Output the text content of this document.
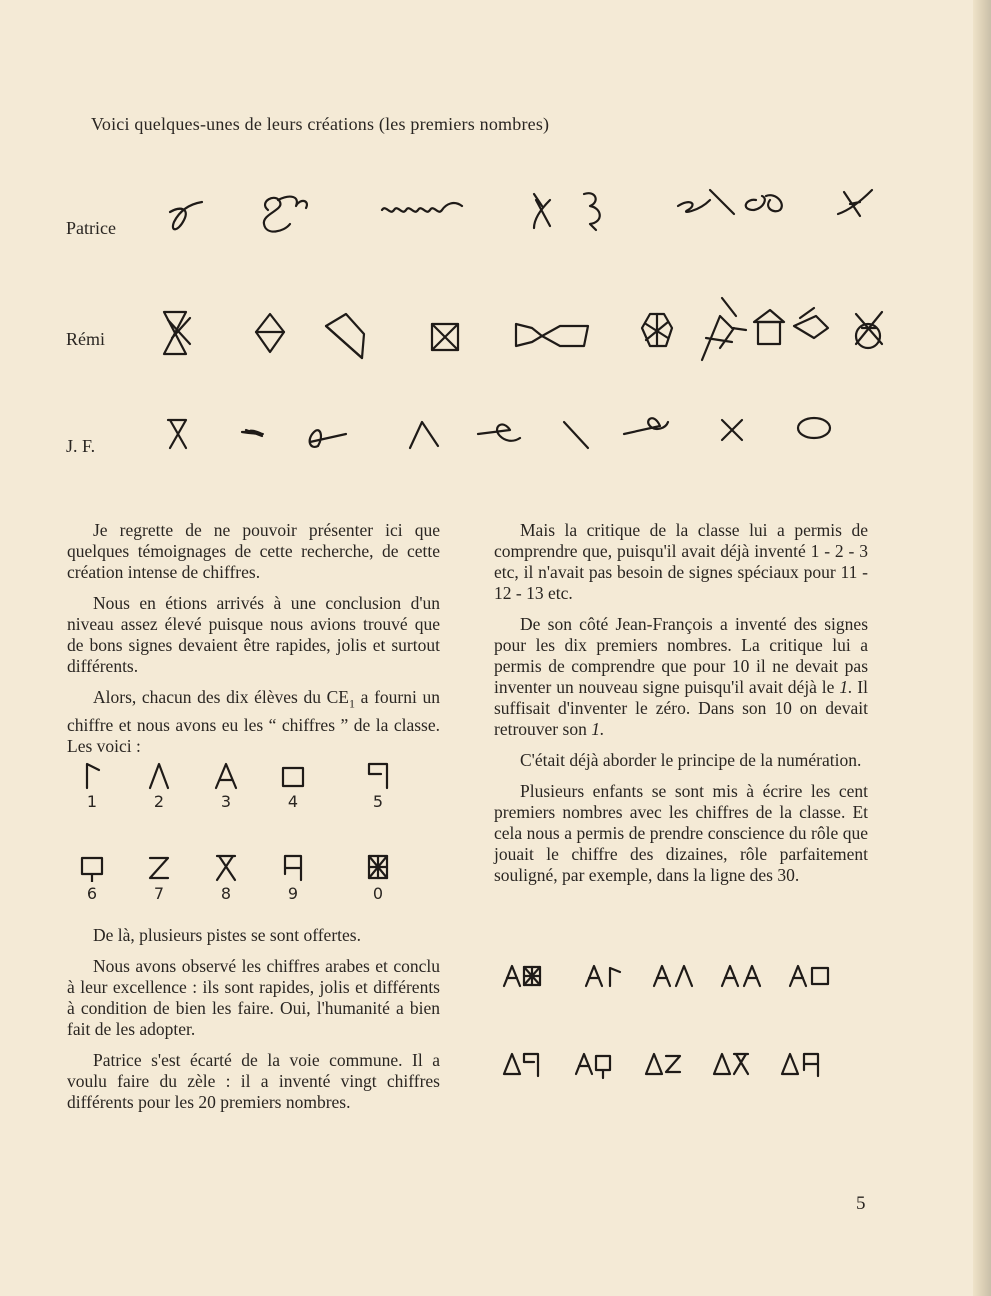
Voici quelques-unes de leurs créations (les premiers nombres)
Patrice
Rémi
J. F.

Je regrette de ne pouvoir présenter ici que quelques témoignages de cette recherche, de cette création intense de chiffres.

Nous en étions arrivés à une conclusion d'un niveau assez élevé puisque nous avions trouvé que de bons signes devaient être rapides, jolis et surtout différents.

Alors, chacun des dix élèves du $CE_1$ a fourni un chiffre et nous avons eu les “ chiffres ” de la classe. Les voici :

1	2	3	4	5
6	7	8	9	0

De là, plusieurs pistes se sont offertes.

Nous avons observé les chiffres arabes et conclu à leur excellence : ils sont rapides, jolis et différents à condition de bien les faire. Oui, l'humanité a bien fait de les adopter.

Patrice s'est écarté de la voie commune. Il a voulu faire du zèle : il a inventé vingt chiffres différents pour les 20 premiers nombres.

Mais la critique de la classe lui a permis de comprendre que, puisqu'il avait déjà inventé 1 - 2 - 3 etc, il n'avait pas besoin de signes spéciaux pour 11 - 12 - 13 etc.

De son côté Jean-François a inventé des signes pour les dix premiers nombres. La critique lui a permis de comprendre que pour 10 il ne devait pas inventer un nouveau signe puisqu'il avait déjà le 1. Il suffisait d'inventer le zéro. Dans son 10 on devait retrouver son 1.

C'était déjà aborder le principe de la numération.

Plusieurs enfants se sont mis à écrire les cent premiers nombres avec les chiffres de la classe. Et cela nous a permis de prendre conscience du rôle que jouait le chiffre des dizaines, rôle parfaitement souligné, par exemple, dans la ligne des 30.

5
